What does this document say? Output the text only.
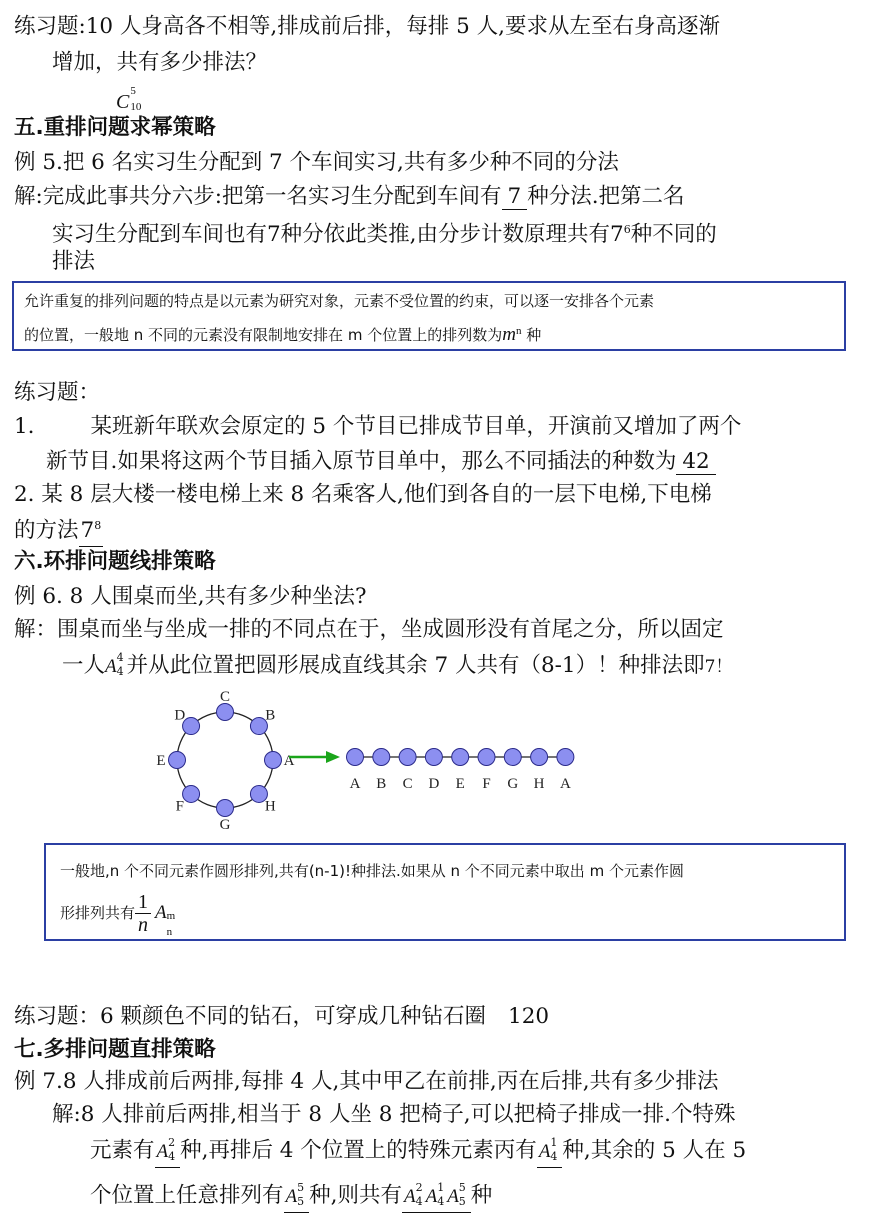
练习题:10 人身高各不相等,排成前后排，每排 5 人,要求从左至右身高逐渐
增加，共有多少排法？
C 5
10
五.重排问题求幂策略
例 5.把 6 名实习生分配到 7 个车间实习,共有多少种不同的分法
解:完成此事共分六步:把第一名实习生分配到车间有 7 种分法.把第二名
实习生分配到车间也有7种分依此类推,由分步计数原理共有$7^6$种不同的
排法
允许重复的排列问题的特点是以元素为研究对象，元素不受位置的约束，可以逐一安排各个元素
的位置，一般地 n 不同的元素没有限制地安排在 m 个位置上的排列数为$m^n$ 种
练习题：
1.	某班新年联欢会原定的 5 个节目已排成节目单，开演前又增加了两个
新节目.如果将这两个节目插入原节目单中，那么不同插法的种数为 42
2. 某 8 层大楼一楼电梯上来 8 名乘客人,他们到各自的一层下电梯,下电梯
的方法$7^8$
六.环排问题线排策略
例 6. 8 人围桌而坐,共有多少种坐法?
解：围桌而坐与坐成一排的不同点在于，坐成圆形没有首尾之分，所以固定
一人A 4
4 并从此位置把圆形展成直线其余 7 人共有（8-1）！种排法即7！
A
B
C
D
E
F
G
H
A B C D E F G H A
一般地,n 个不同元素作圆形排列,共有(n-1)!种排法.如果从 n 个不同元素中取出 m 个元素作圆
形排列共有 $\frac{1}{n}$ A m
n
练习题：6 颗颜色不同的钻石，可穿成几种钻石圈 120
七.多排问题直排策略
例 7.8 人排成前后两排,每排 4 人,其中甲乙在前排,丙在后排,共有多少排法
解:8 人排前后两排,相当于 8 人坐 8 把椅子,可以把椅子排成一排.个特殊
元素有 A 2
4 种,再排后 4 个位置上的特殊元素丙有 A 1
4 种,其余的 5 人在 5
个位置上任意排列有 A 5
5 种,则共有 A 2
4 A 1
4 A 5
5 种
